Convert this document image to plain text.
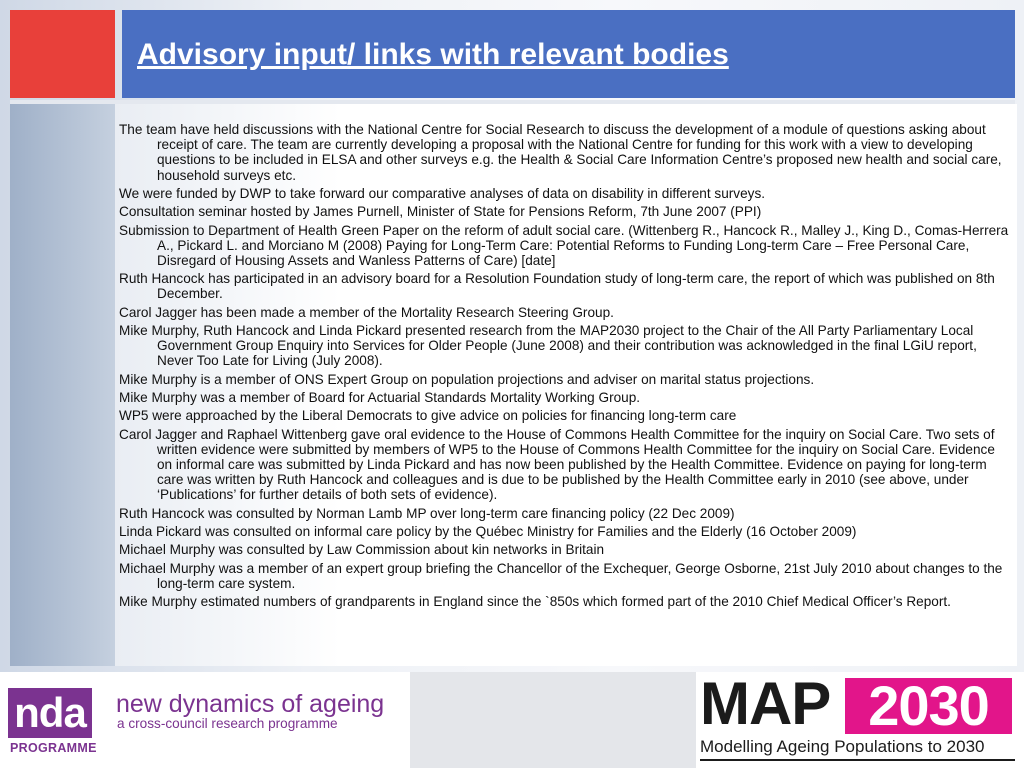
Advisory input/ links with relevant bodies
The team have held discussions with the National Centre for Social Research to discuss the development of a module of questions asking about receipt of care. The team are currently developing a proposal with the National Centre for funding for this work with a view to developing questions to be included in ELSA and other surveys e.g. the Health & Social Care Information Centre’s proposed new health and social care, household surveys etc.
We were funded by DWP to take forward our comparative analyses of data on disability in different surveys.
Consultation seminar hosted by James Purnell, Minister of State for Pensions Reform, 7th June 2007 (PPI)
Submission to Department of Health Green Paper on the reform of adult social care. (Wittenberg R., Hancock R., Malley J., King D., Comas-Herrera A., Pickard L. and Morciano M (2008) Paying for Long-Term Care: Potential Reforms to Funding Long-term Care – Free Personal Care, Disregard of Housing Assets and Wanless Patterns of Care) [date]
Ruth Hancock has participated in an advisory board for a Resolution Foundation study of long-term care, the report of which was published on 8th December.
Carol Jagger has been made a member of the Mortality Research Steering Group.
Mike Murphy, Ruth Hancock and Linda Pickard presented research from the MAP2030 project to the Chair of the All Party Parliamentary Local Government Group Enquiry into Services for Older People (June 2008) and their contribution was acknowledged in the final LGiU report, Never Too Late for Living (July 2008).
Mike Murphy is a member of ONS Expert Group on population projections and adviser on marital status projections.
Mike Murphy was a member of Board for Actuarial Standards Mortality Working Group.
WP5 were approached by the Liberal Democrats to give advice on policies for financing long-term care
Carol Jagger and Raphael Wittenberg gave oral evidence to the House of Commons Health Committee for the inquiry on Social Care. Two sets of written evidence were submitted by members of WP5 to the House of Commons Health Committee for the inquiry on Social Care. Evidence on informal care was submitted by Linda Pickard and has now been published by the Health Committee. Evidence on paying for long-term care was written by Ruth Hancock and colleagues and is due to be published by the Health Committee early in 2010 (see above, under ‘Publications’ for further details of both sets of evidence).
Ruth Hancock was consulted by Norman Lamb MP over long-term care financing policy (22 Dec 2009)
Linda Pickard was consulted on informal care policy by the Québec Ministry for Families and the Elderly (16 October 2009)
Michael Murphy was consulted by Law Commission about kin networks in Britain
Michael Murphy was a member of an expert group briefing the Chancellor of the Exchequer, George Osborne, 21st July 2010 about changes to the long-term care system.
Mike Murphy estimated numbers of grandparents in England since the `850s which formed part of the 2010 Chief Medical Officer’s Report.
nda
PROGRAMME
new dynamics of ageing
a cross-council research programme	MAP 2030
Modelling Ageing Populations to 2030
